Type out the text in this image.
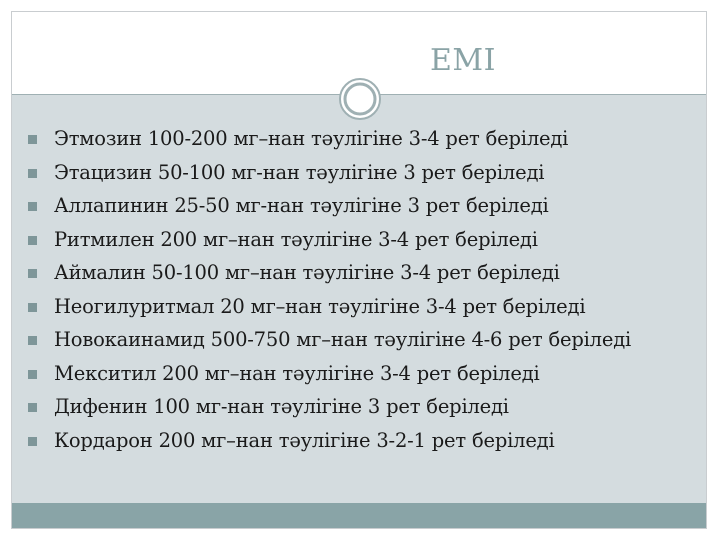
ЕМІ
Этмозин 100-200 мг–нан тәулігіне 3-4 рет беріледі
Этацизин 50-100 мг-нан тәулігіне 3 рет беріледі
Аллапинин 25-50 мг-нан тәулігіне 3 рет беріледі
Ритмилен 200 мг–нан тәулігіне 3-4 рет беріледі
Аймалин 50-100 мг–нан тәулігіне 3-4 рет беріледі
Неогилуритмал 20 мг–нан тәулігіне 3-4 рет беріледі
Новокаинамид 500-750 мг–нан тәулігіне 4-6 рет беріледі
Мекситил 200 мг–нан тәулігіне 3-4 рет беріледі
Дифенин 100 мг-нан тәулігіне 3 рет беріледі
Кордарон 200 мг–нан тәулігіне 3-2-1 рет беріледі
